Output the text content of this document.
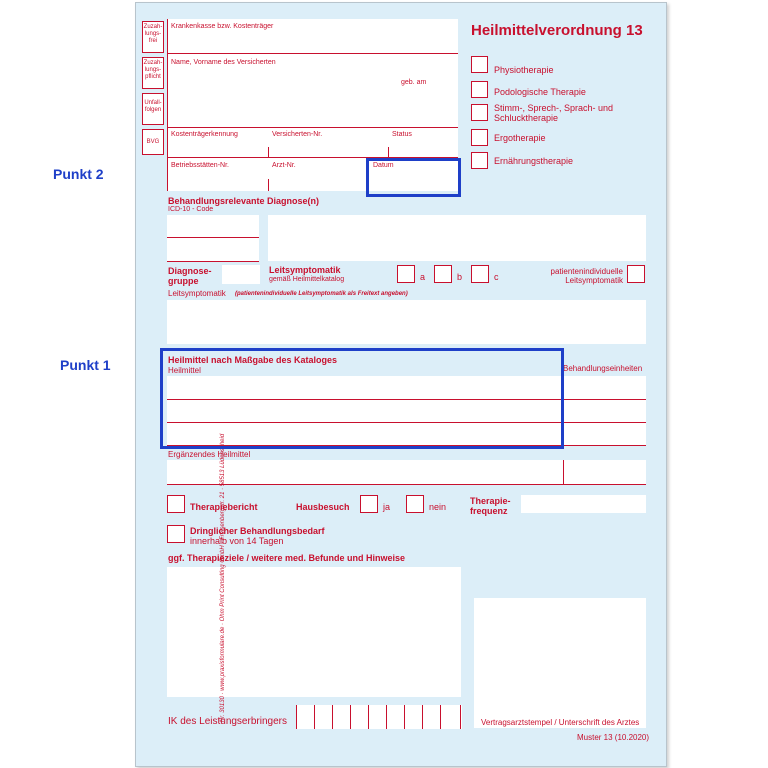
Punkt 2
Punkt 1
Zuzah-
lungs-
frei
Zuzah-
lungs-
pflicht
Unfall-
folgen
BVG
Krankenkasse bzw. Kostenträger
Name, Vorname des Versicherten
geb. am
Kostenträgerkennung	Versicherten-Nr.	Status
Betriebsstätten-Nr.	Arzt-Nr.	Datum
Heilmittelverordnung 13
Physiotherapie
Podologische Therapie
Stimm-, Sprech-, Sprach- und Schlucktherapie
Ergotherapie
Ernährungstherapie
Behandlungsrelevante Diagnose(n)
ICD-10 - Code
Diagnose-
gruppe
Leitsymptomatik
gemäß Heilmittelkatalog	a	b	c
patientenindividuelle
Leitsymptomatik
Leitsymptomatik (patientenindividuelle Leitsymptomatik als Freitext angeben)
Heilmittel nach Maßgabe des Kataloges
Heilmittel	Behandlungseinheiten
Ergänzendes Heilmittel
Therapiebericht	Hausbesuch	ja	nein
Therapie-
frequenz
Dringlicher Behandlungsbedarf
innerhalb von 14 Tagen
ggf. Therapieziele / weitere med. Befunde und Hinweise
Vertragsarztstempel / Unterschrift des Arztes
IK des Leistungserbringers
Muster 13 (10.2020)
Nr. 30130 · www.praxisformulare.de · Ohm Print Consulting GmbH · Freisenbergstr. 21 · 58513 Lüdenscheid
